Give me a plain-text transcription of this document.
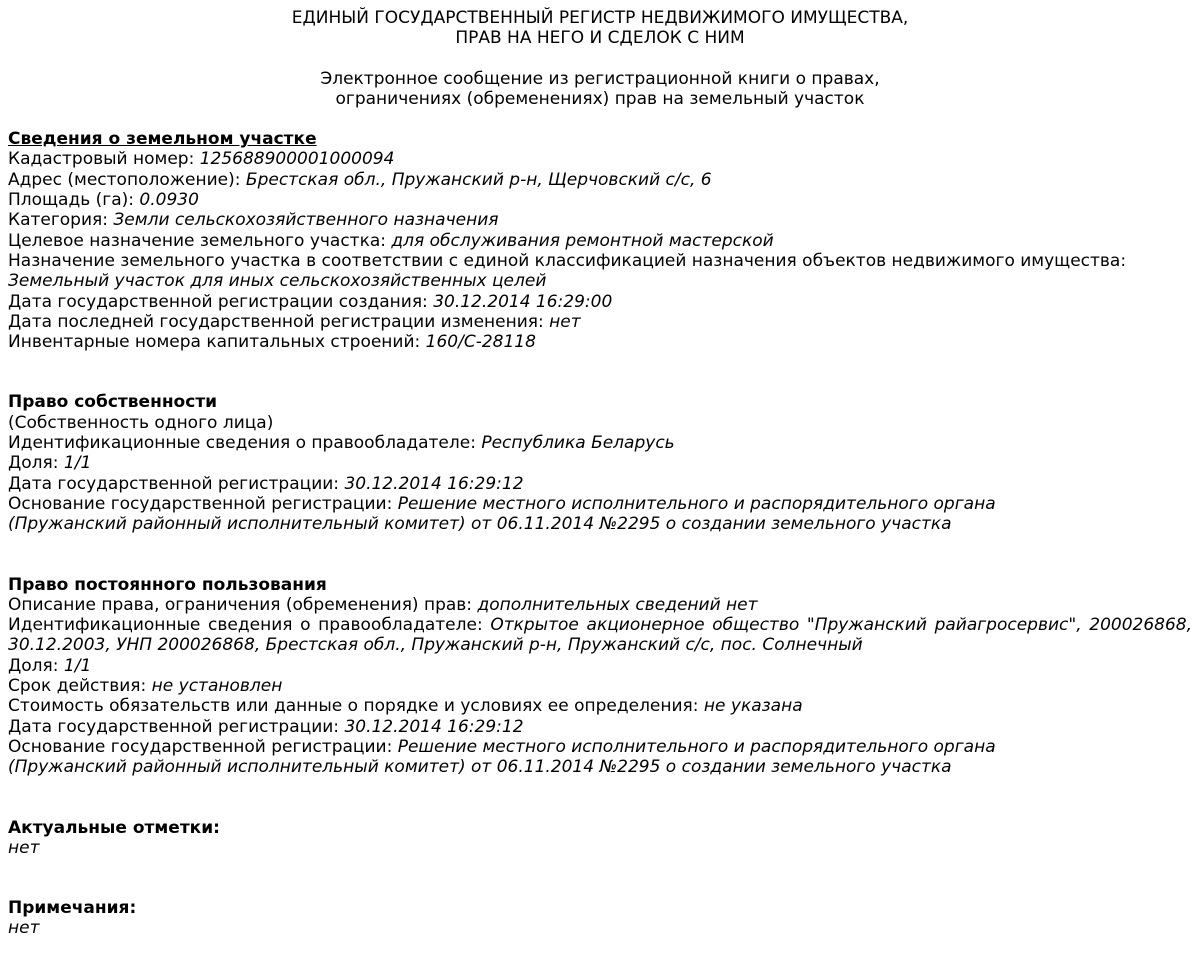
ЕДИНЫЙ ГОСУДАРСТВЕННЫЙ РЕГИСТР НЕДВИЖИМОГО ИМУЩЕСТВА,
ПРАВ НА НЕГО И СДЕЛОК С НИМ
Электронное сообщение из регистрационной книги о правах,
ограничениях (обременениях) прав на земельный участок
Сведения о земельном участке
Кадастровый номер: 125688900001000094
Адрес (местоположение): Брестская обл., Пружанский р-н, Щерчовский с/с, 6
Площадь (га): 0.0930
Категория: Земли сельскохозяйственного назначения
Целевое назначение земельного участка: для обслуживания ремонтной мастерской
Назначение земельного участка в соответствии с единой классификацией назначения объектов недвижимого имущества:
Земельный участок для иных сельскохозяйственных целей
Дата государственной регистрации создания: 30.12.2014 16:29:00
Дата последней государственной регистрации изменения: нет
Инвентарные номера капитальных строений: 160/С-28118
Право собственности
(Собственность одного лица)
Идентификационные сведения о правообладателе: Республика Беларусь
Доля: 1/1
Дата государственной регистрации: 30.12.2014 16:29:12
Основание государственной регистрации: Решение местного исполнительного и распорядительного органа (Пружанский районный исполнительный комитет) от 06.11.2014 №2295 о создании земельного участка
Право постоянного пользования
Описание права, ограничения (обременения) прав: дополнительных сведений нет
Идентификационные сведения о правообладателе: Открытое акционерное общество "Пружанский райагросервис", 200026868, 30.12.2003, УНП 200026868, Брестская обл., Пружанский р-н, Пружанский с/с, пос. Солнечный
Доля: 1/1
Срок действия: не установлен
Стоимость обязательств или данные о порядке и условиях ее определения: не указана
Дата государственной регистрации: 30.12.2014 16:29:12
Основание государственной регистрации: Решение местного исполнительного и распорядительного органа (Пружанский районный исполнительный комитет) от 06.11.2014 №2295 о создании земельного участка
Актуальные отметки:
нет
Примечания:
нет
